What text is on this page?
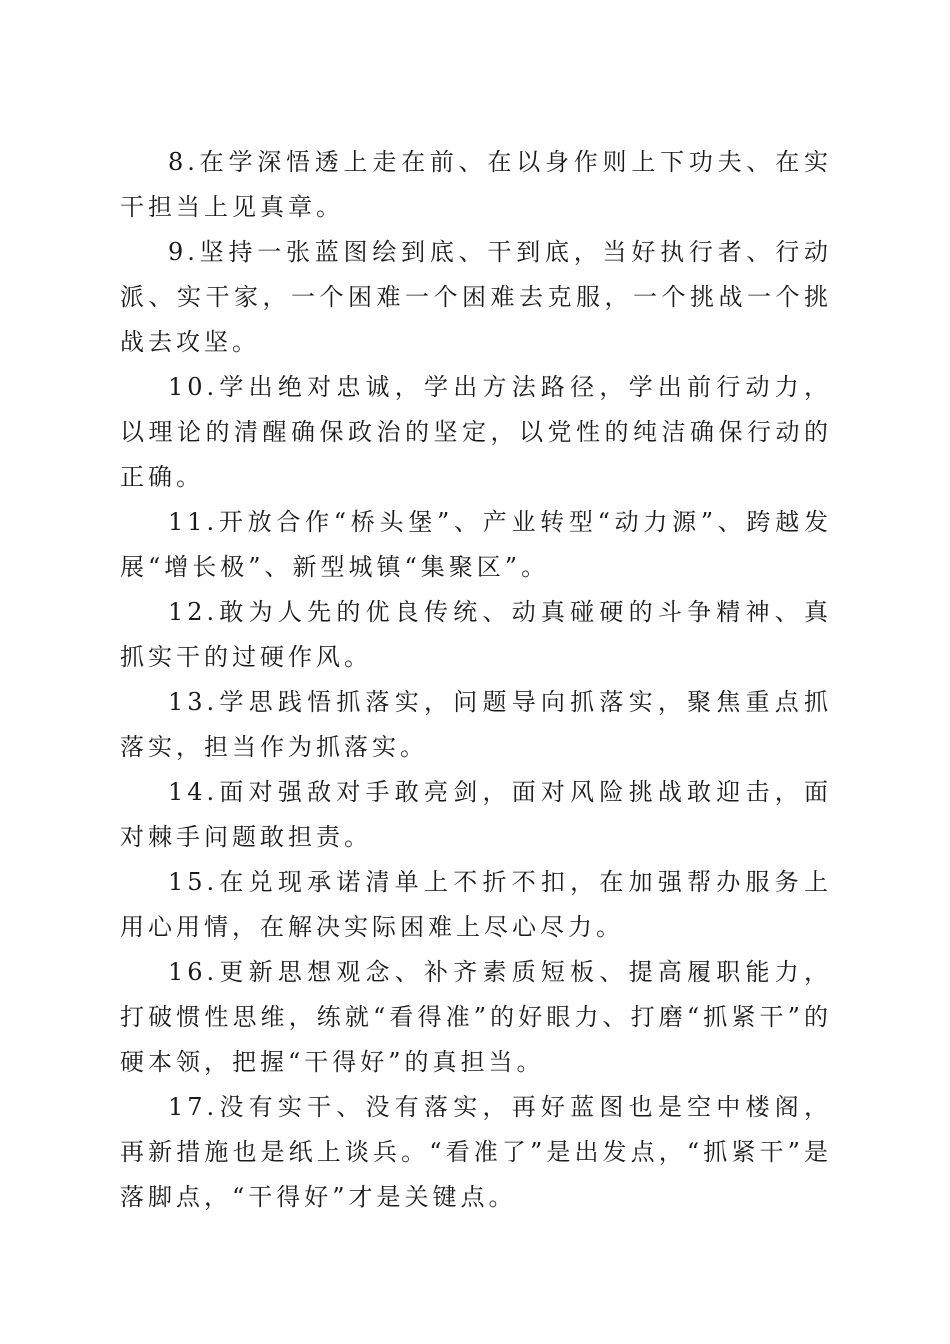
8.在学深悟透上走在前、在以身作则上下功夫、在实干担当上见真章。

9.坚持一张蓝图绘到底、干到底，当好执行者、行动派、实干家，一个困难一个困难去克服，一个挑战一个挑战去攻坚。

10.学出绝对忠诚，学出方法路径，学出前行动力，以理论的清醒确保政治的坚定，以党性的纯洁确保行动的正确。

11.开放合作“桥头堡”、产业转型“动力源”、跨越发展“增长极”、新型城镇“集聚区”。

12.敢为人先的优良传统、动真碰硬的斗争精神、真抓实干的过硬作风。

13.学思践悟抓落实，问题导向抓落实，聚焦重点抓落实，担当作为抓落实。

14.面对强敌对手敢亮剑，面对风险挑战敢迎击，面对棘手问题敢担责。

15.在兑现承诺清单上不折不扣，在加强帮办服务上用心用情，在解决实际困难上尽心尽力。

16.更新思想观念、补齐素质短板、提高履职能力，打破惯性思维，练就“看得准”的好眼力、打磨“抓紧干”的硬本领，把握“干得好”的真担当。

17.没有实干、没有落实，再好蓝图也是空中楼阁，再新措施也是纸上谈兵。“看准了”是出发点，“抓紧干”是落脚点，“干得好”才是关键点。
